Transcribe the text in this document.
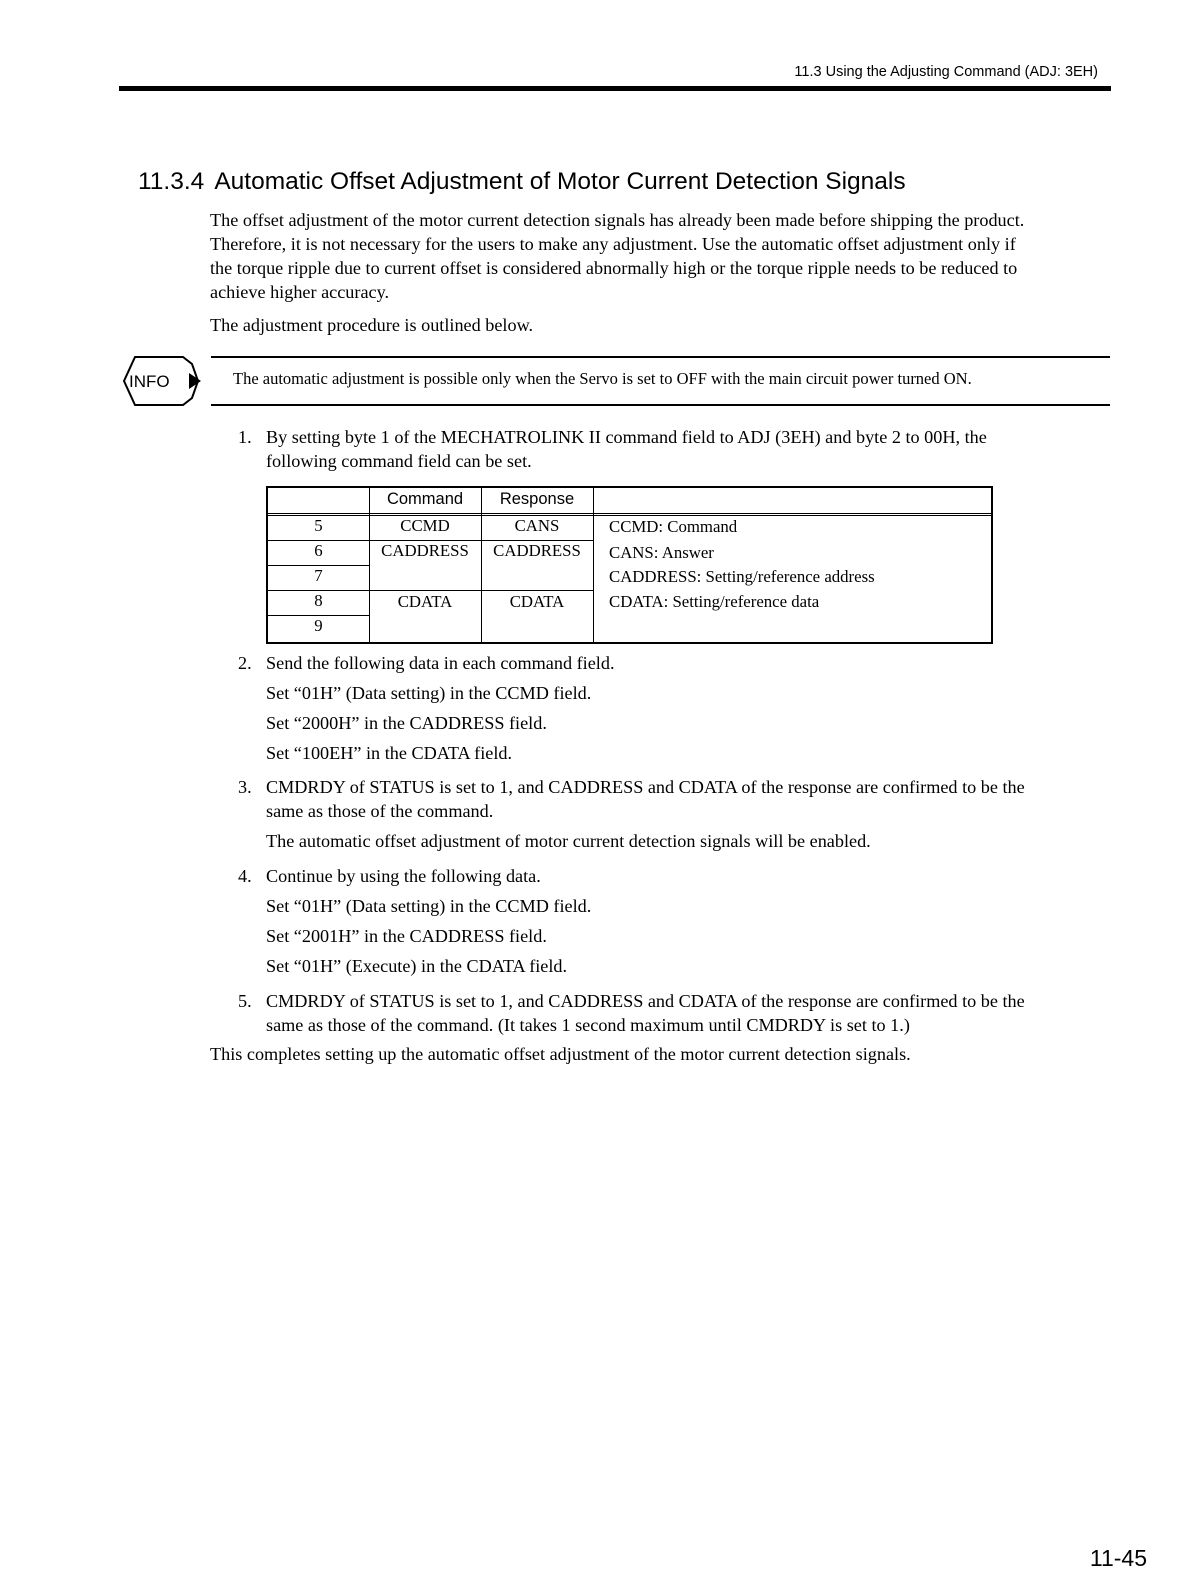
11.3 Using the Adjusting Command (ADJ: 3EH)
11.3.4 Automatic Offset Adjustment of Motor Current Detection Signals
The offset adjustment of the motor current detection signals has already been made before shipping the product.
Therefore, it is not necessary for the users to make any adjustment. Use the automatic offset adjustment only if
the torque ripple due to current offset is considered abnormally high or the torque ripple needs to be reduced to
achieve higher accuracy.
The adjustment procedure is outlined below.
INFO	The automatic adjustment is possible only when the Servo is set to OFF with the main circuit power turned ON.
1. By setting byte 1 of the MECHATROLINK II command field to ADJ (3EH) and byte 2 to 00H, the
following command field can be set.
2. Send the following data in each command field.
Set “01H” (Data setting) in the CCMD field.
Set “2000H” in the CADDRESS field.
Set “100EH” in the CDATA field.
3. CMDRDY of STATUS is set to 1, and CADDRESS and CDATA of the response are confirmed to be the
same as those of the command.
The automatic offset adjustment of motor current detection signals will be enabled.
4. Continue by using the following data.
Set “01H” (Data setting) in the CCMD field.
Set “2001H” in the CADDRESS field.
Set “01H” (Execute) in the CDATA field.
5. CMDRDY of STATUS is set to 1, and CADDRESS and CDATA of the response are confirmed to be the
same as those of the command. (It takes 1 second maximum until CMDRDY is set to 1.)
Command	Response
5
6
7
8
9
CCMD
CADDRESS
CDATA
CANS
CADDRESS
CDATA
CCMD: Command
CANS: Answer
CADDRESS: Setting/reference address
CDATA: Setting/reference data
This completes setting up the automatic offset adjustment of the motor current detection signals.
11-45
